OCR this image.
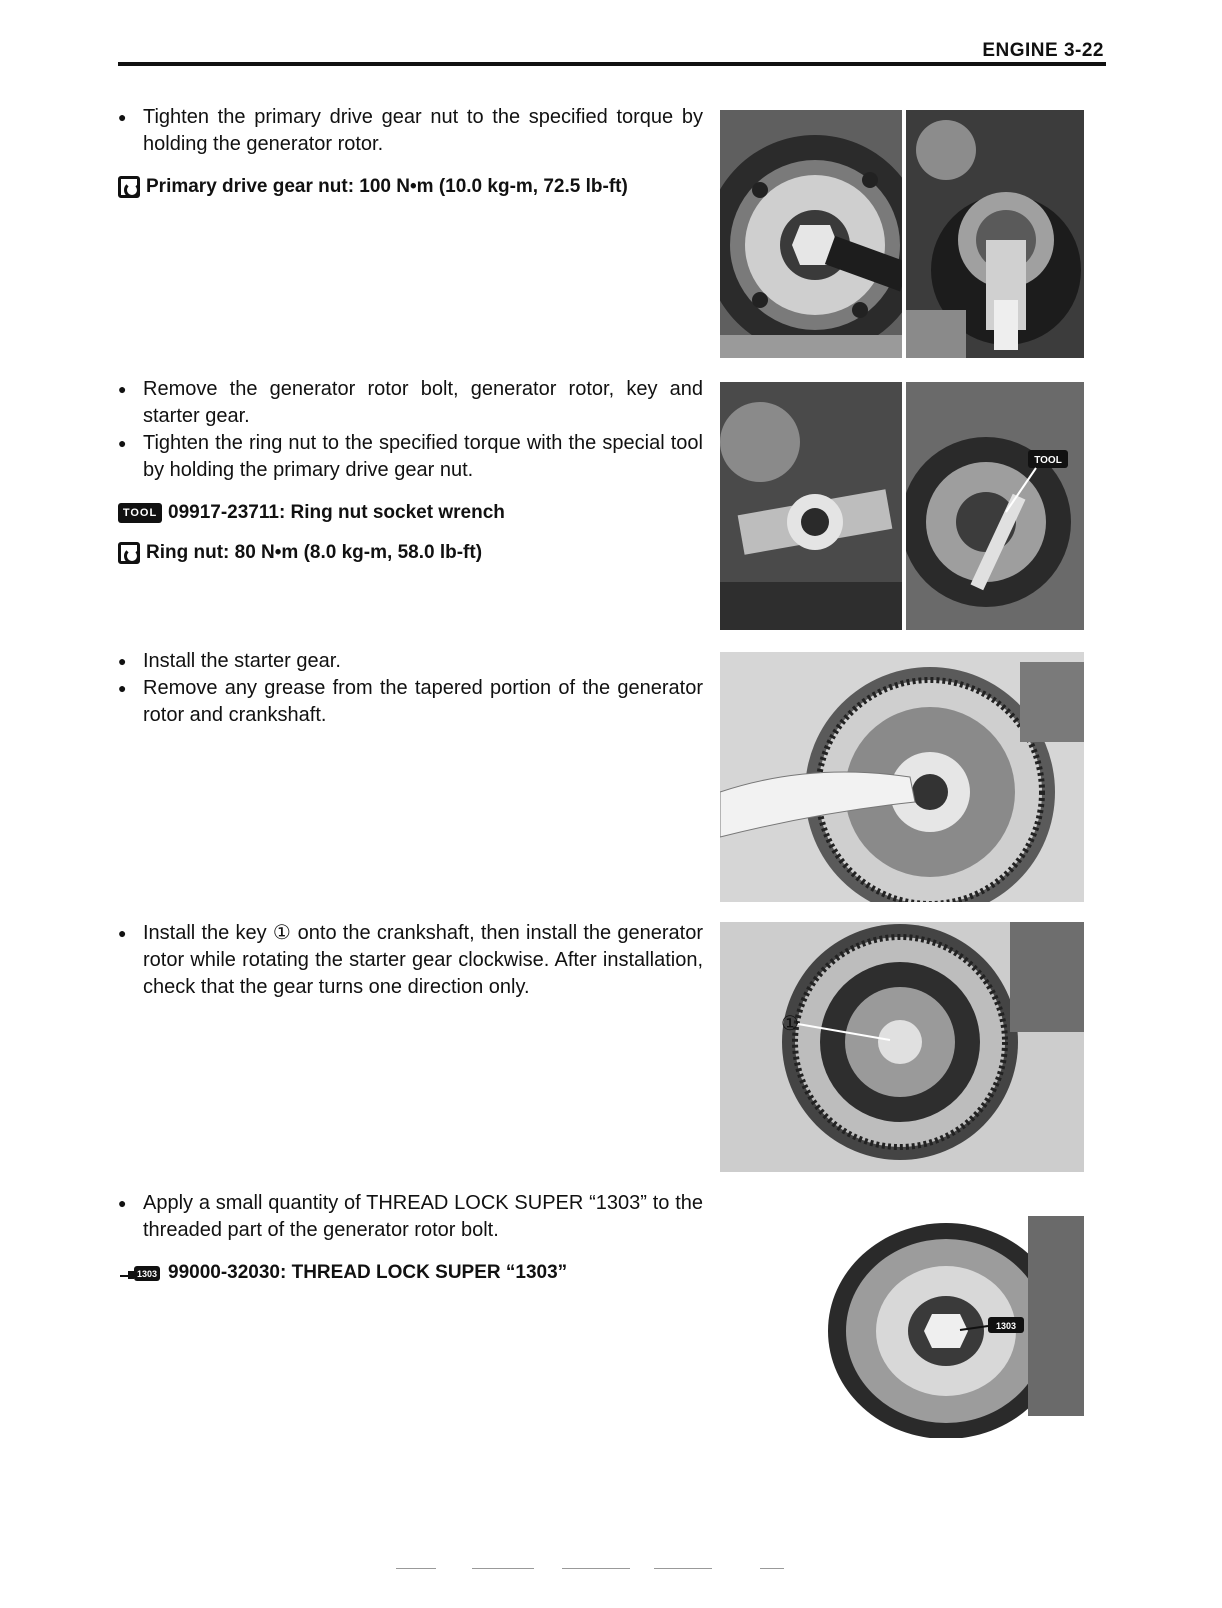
ENGINE 3-22

● Tighten the primary drive gear nut to the specified torque by holding the generator rotor.

Primary drive gear nut: 100 N•m (10.0 kg-m, 72.5 lb-ft)

● Remove the generator rotor bolt, generator rotor, key and starter gear.

● Tighten the ring nut to the specified torque with the special tool by holding the primary drive gear nut.

TOOL 09917-23711: Ring nut socket wrench
Ring nut: 80 N•m (8.0 kg-m, 58.0 lb-ft)

● Install the starter gear.

● Remove any grease from the tapered portion of the generator rotor and crankshaft.

● Install the key ① onto the crankshaft, then install the generator rotor while rotating the starter gear clockwise. After installation, check that the gear turns one direction only.

● Apply a small quantity of THREAD LOCK SUPER “1303” to the threaded part of the generator rotor bolt.

1303 99000-32030: THREAD LOCK SUPER “1303”
TOOL
①
1303
